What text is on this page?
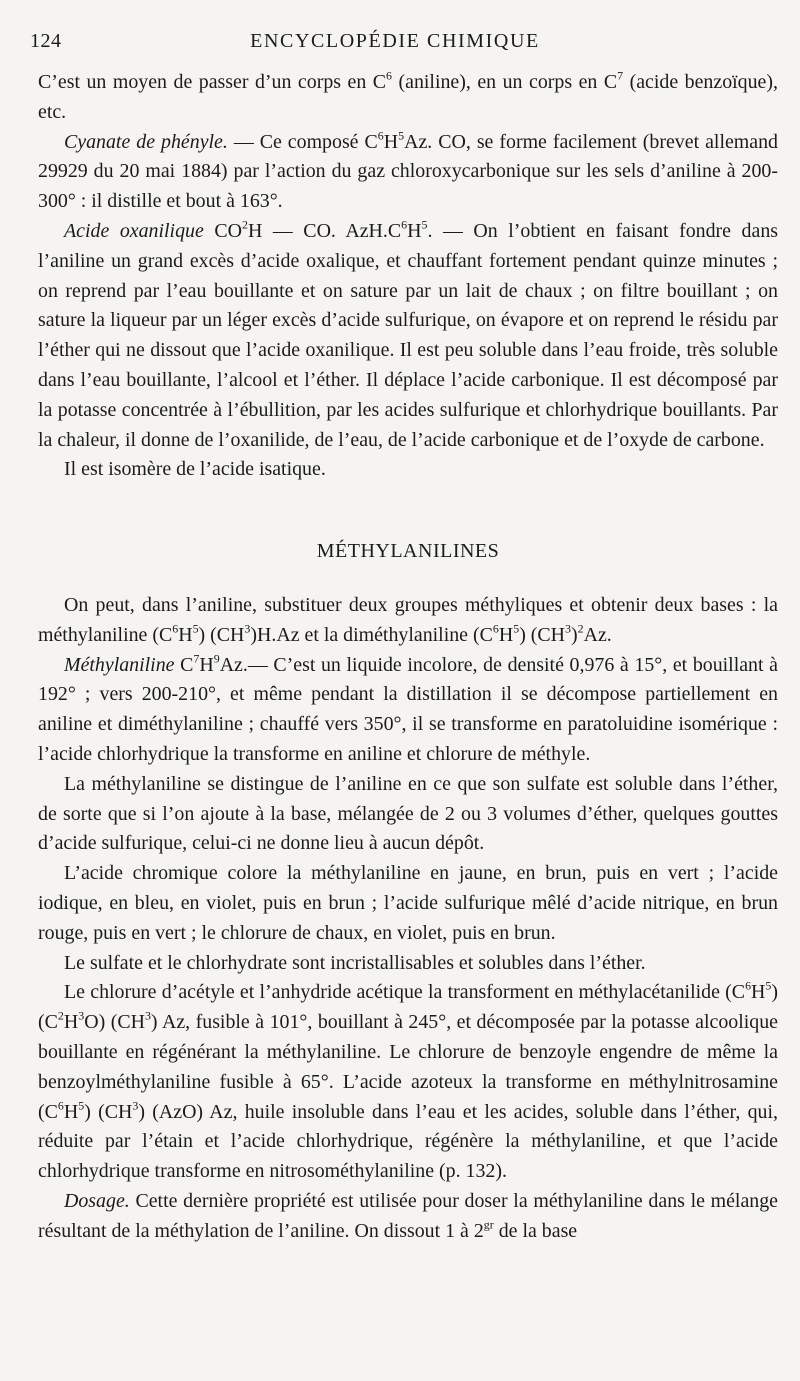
124	ENCYCLOPÉDIE CHIMIQUE

C’est un moyen de passer d’un corps en $C^6$ (aniline), en un corps en $C^7$ (acide benzoïque), etc.

Cyanate de phényle. — Ce composé $C^6H^5Az$. CO, se forme facilement (brevet allemand 29929 du 20 mai 1884) par l’action du gaz chloroxycarbonique sur les sels d’aniline à 200-300° : il distille et bout à 163°.

Acide oxanilique $CO^2H$ — CO. $AzH.C^6H^5$. — On l’obtient en faisant fondre dans l’aniline un grand excès d’acide oxalique, et chauffant fortement pendant quinze minutes ; on reprend par l’eau bouillante et on sature par un lait de chaux ; on filtre bouillant ; on sature la liqueur par un léger excès d’acide sulfurique, on évapore et on reprend le résidu par l’éther qui ne dissout que l’acide oxanilique. Il est peu soluble dans l’eau froide, très soluble dans l’eau bouillante, l’alcool et l’éther. Il déplace l’acide carbonique. Il est décomposé par la potasse concentrée à l’ébullition, par les acides sulfurique et chlorhydrique bouillants. Par la chaleur, il donne de l’oxanilide, de l’eau, de l’acide carbonique et de l’oxyde de carbone.

Il est isomère de l’acide isatique.

MÉTHYLANILINES

On peut, dans l’aniline, substituer deux groupes méthyliques et obtenir deux bases : la méthylaniline $(C^6H^5)$ $(CH^3)H.Az$ et la diméthylaniline $(C^6H^5)$ $(CH^3)^2Az$.

Méthylaniline $C^7H^9Az.—$ C’est un liquide incolore, de densité 0,976 à 15°, et bouillant à 192° ; vers 200-210°, et même pendant la distillation il se décompose partiellement en aniline et diméthylaniline ; chauffé vers 350°, il se transforme en paratoluidine isomérique : l’acide chlorhydrique la transforme en aniline et chlorure de méthyle.

La méthylaniline se distingue de l’aniline en ce que son sulfate est soluble dans l’éther, de sorte que si l’on ajoute à la base, mélangée de 2 ou 3 volumes d’éther, quelques gouttes d’acide sulfurique, celui-ci ne donne lieu à aucun dépôt.

L’acide chromique colore la méthylaniline en jaune, en brun, puis en vert ; l’acide iodique, en bleu, en violet, puis en brun ; l’acide sulfurique mêlé d’acide nitrique, en brun rouge, puis en vert ; le chlorure de chaux, en violet, puis en brun.

Le sulfate et le chlorhydrate sont incristallisables et solubles dans l’éther.

Le chlorure d’acétyle et l’anhydride acétique la transforment en méthylacétanilide $(C^6H^5)$ $(C^2H^3O)$ $(CH^3)$ Az, fusible à 101°, bouillant à 245°, et décomposée par la potasse alcoolique bouillante en régénérant la méthylaniline. Le chlorure de benzoyle engendre de même la benzoylméthylaniline fusible à 65°. L’acide azoteux la transforme en méthylnitrosamine $(C^6H^5)$ $(CH^3)$ (AzO) Az, huile insoluble dans l’eau et les acides, soluble dans l’éther, qui, réduite par l’étain et l’acide chlorhydrique, régénère la méthylaniline, et que l’acide chlorhydrique transforme en nitrosométhylaniline (p. 132).

Dosage. Cette dernière propriété est utilisée pour doser la méthylaniline dans le mélange résultant de la méthylation de l’aniline. On dissout 1 à $2^{gr}$ de la base
